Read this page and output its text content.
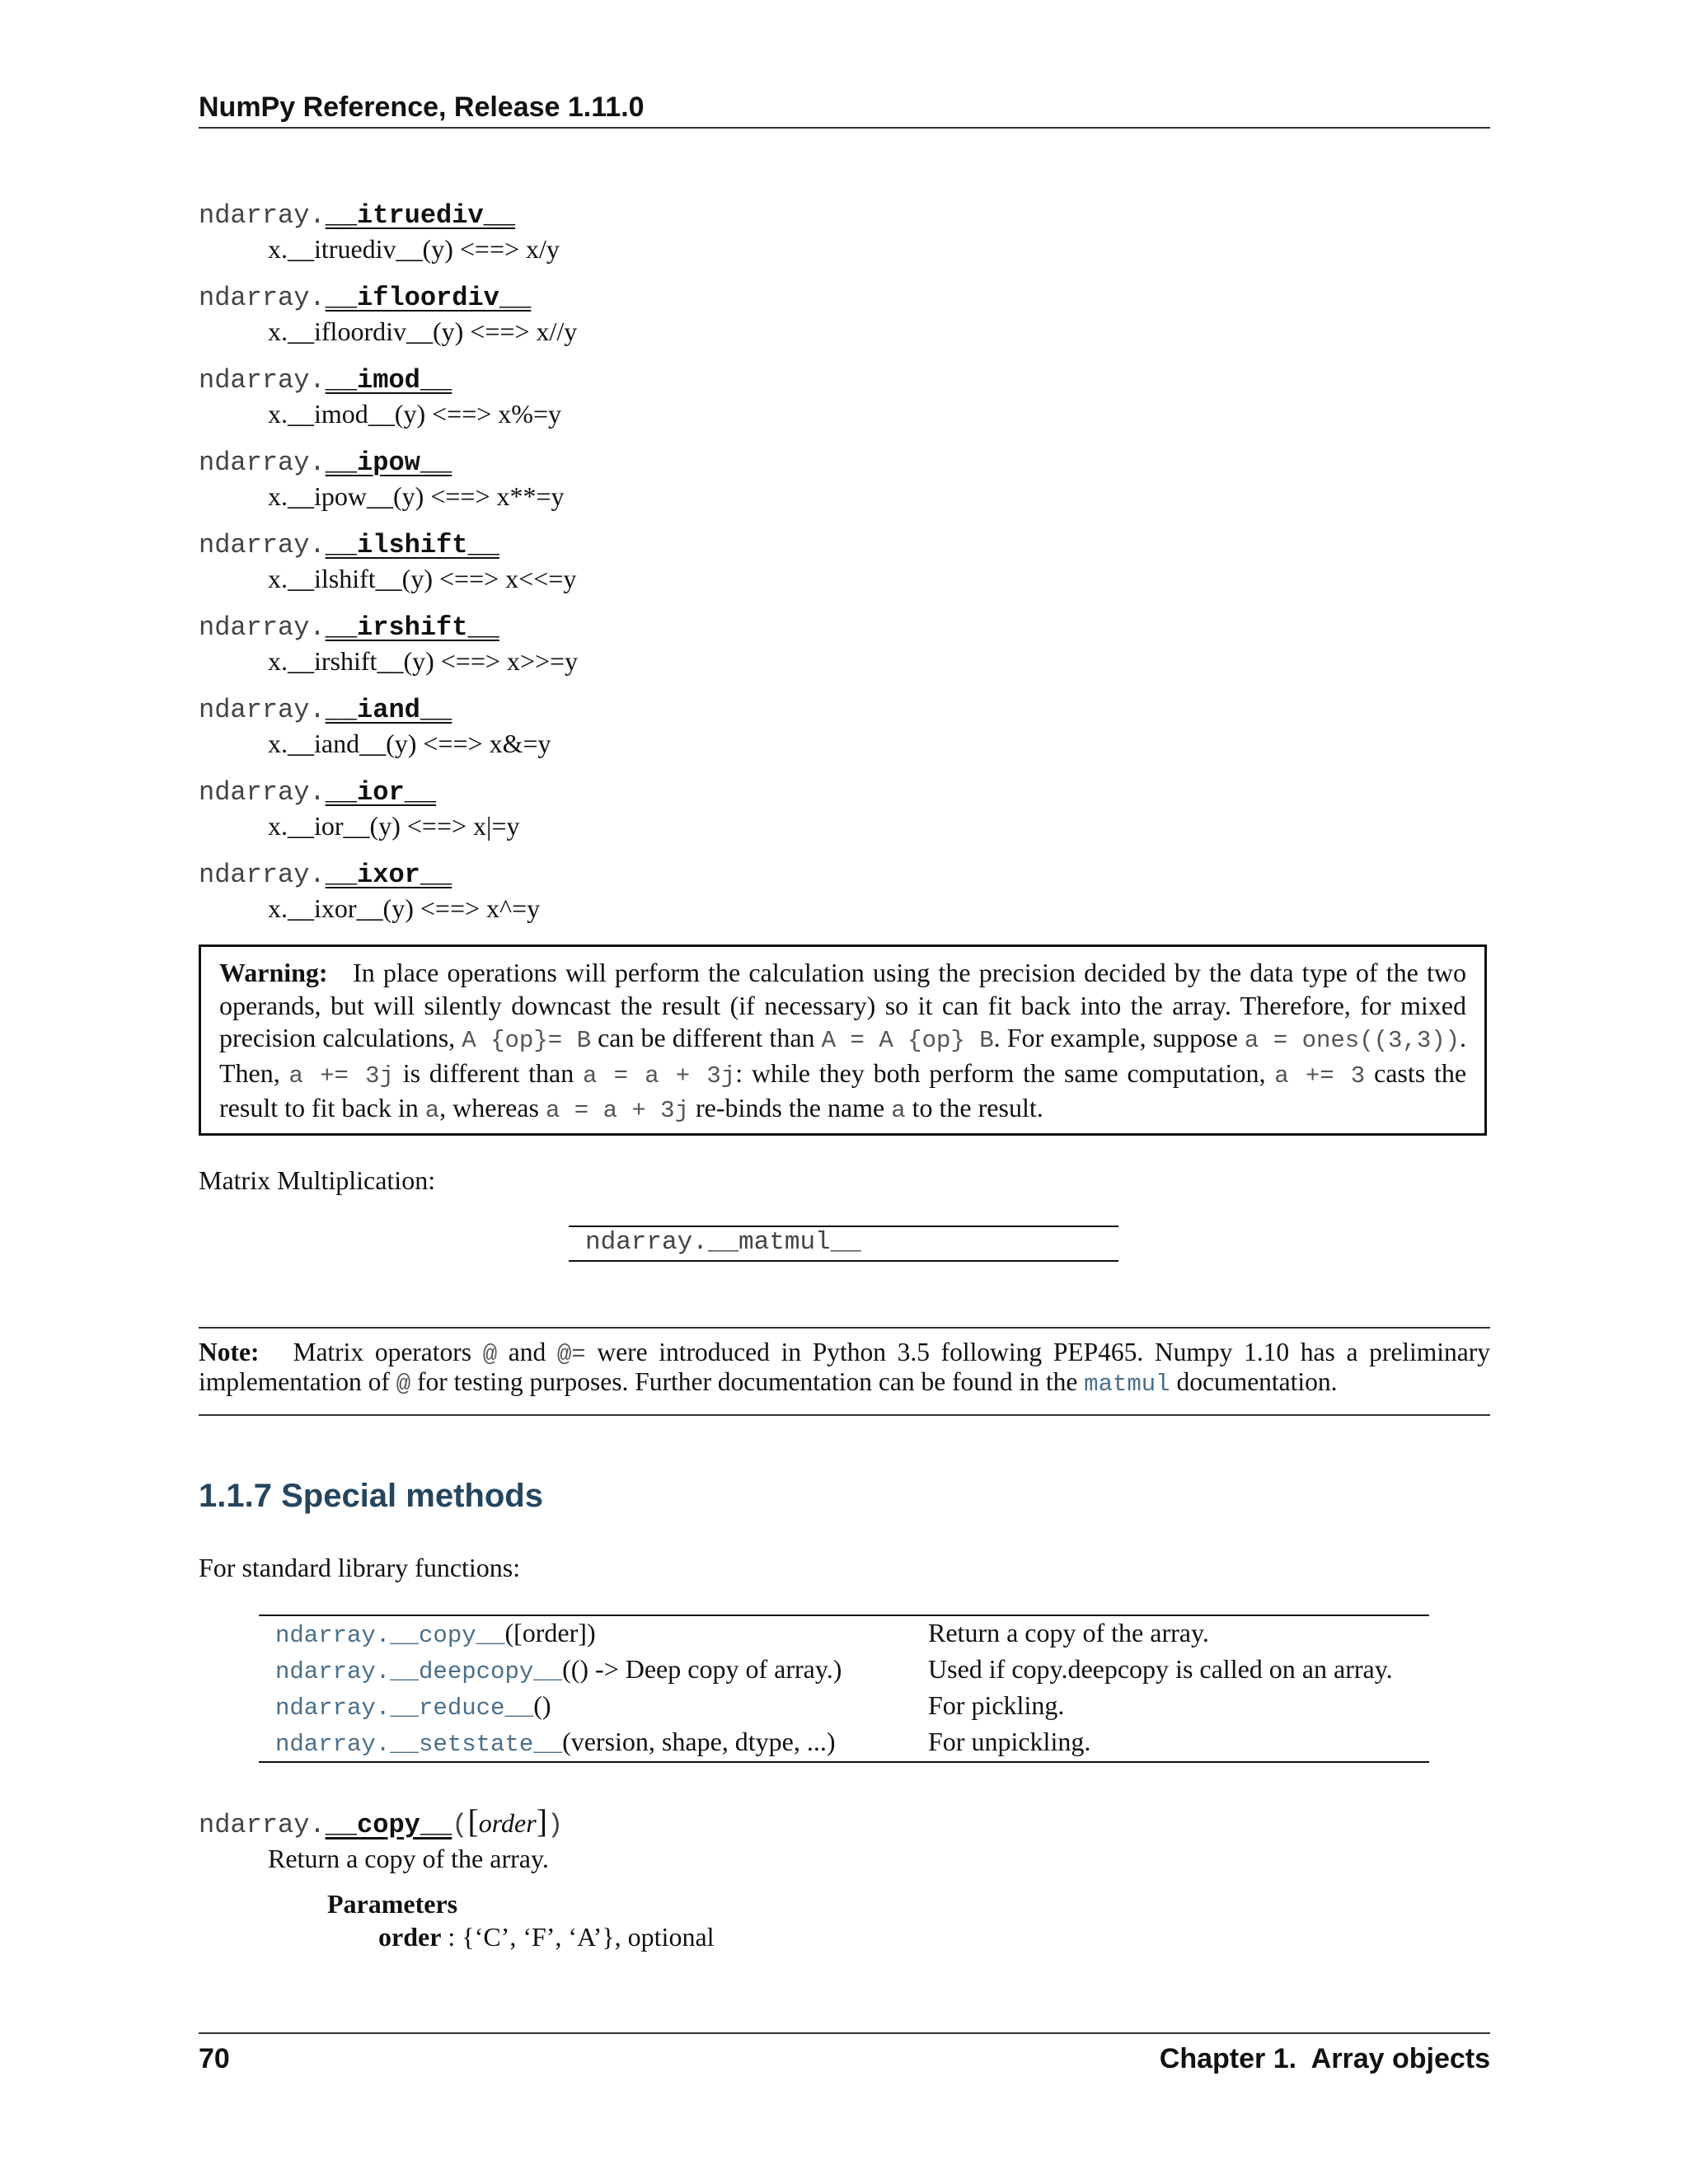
NumPy Reference, Release 1.11.0
ndarray.__itruediv__
x.__itruediv__(y) <==> x/y
ndarray.__ifloordiv__
x.__ifloordiv__(y) <==> x//y
ndarray.__imod__
x.__imod__(y) <==> x%=y
ndarray.__ipow__
x.__ipow__(y) <==> x**=y
ndarray.__ilshift__
x.__ilshift__(y) <==> x<<=y
ndarray.__irshift__
x.__irshift__(y) <==> x>>=y
ndarray.__iand__
x.__iand__(y) <==> x&=y
ndarray.__ior__
x.__ior__(y) <==> x|=y
ndarray.__ixor__
x.__ixor__(y) <==> x^=y
Warning: In place operations will perform the calculation using the precision decided by the data type of the two operands, but will silently downcast the result (if necessary) so it can fit back into the array. Therefore, for mixed precision calculations, A {op}= B can be different than A = A {op} B. For example, suppose a = ones((3,3)). Then, a += 3j is different than a = a + 3j: while they both perform the same computation, a += 3 casts the result to fit back in a, whereas a = a + 3j re-binds the name a to the result.
Matrix Multiplication:
ndarray.__matmul__
Note: Matrix operators @ and @= were introduced in Python 3.5 following PEP465. Numpy 1.10 has a preliminary implementation of @ for testing purposes. Further documentation can be found in the matmul documentation.
1.1.7 Special methods
For standard library functions:
ndarray.__copy__([order])	Return a copy of the array.
ndarray.__deepcopy__(() -> Deep copy of array.)	Used if copy.deepcopy is called on an array.
ndarray.__reduce__()	For pickling.
ndarray.__setstate__(version, shape, dtype, ...)	For unpickling.
ndarray.__copy__([order])
Return a copy of the array.
Parameters
order : {‘C’, ‘F’, ‘A’}, optional
70	Chapter 1.  Array objects
